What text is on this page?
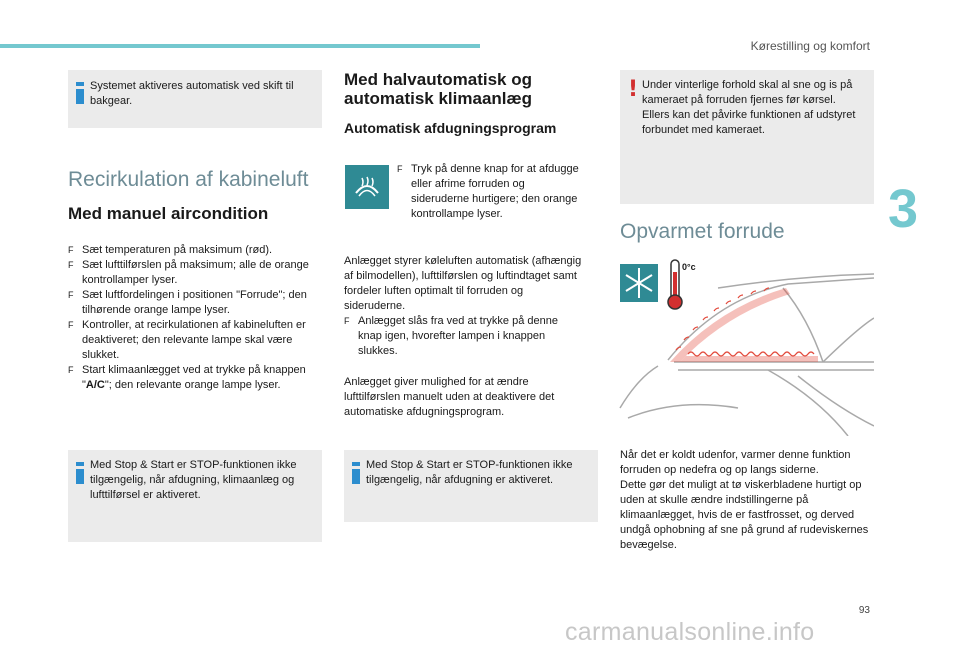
Kørestilling og komfort
3
Systemet aktiveres automatisk ved skift til bakgear.
Recirkulation af kabineluft
Med manuel aircondition
F Sæt temperaturen på maksimum (rød).
F Sæt lufttilførslen på maksimum; alle de orange kontrollamper lyser.
F Sæt luftfordelingen i positionen "Forrude"; den tilhørende orange lampe lyser.
F Kontroller, at recirkulationen af kabineluften er deaktiveret; den relevante lampe skal være slukket.
F Start klimaanlægget ved at trykke på knappen "A/C"; den relevante orange lampe lyser.
Med Stop & Start er STOP-funktionen ikke tilgængelig, når afdugning, klimaanlæg og lufttilførsel er aktiveret.
Med halvautomatisk og automatisk klimaanlæg
Automatisk afdugningsprogram
F Tryk på denne knap for at afdugge eller afrime forruden og sideruderne hurtigere; den orange kontrollampe lyser.
Anlægget styrer køleluften automatisk (afhængig af bilmodellen), lufttilførslen og luftindtaget samt fordeler luften optimalt til forruden og sideruderne.
F Anlægget slås fra ved at trykke på denne knap igen, hvorefter lampen i knappen slukkes.
Anlægget giver mulighed for at ændre lufttilførslen manuelt uden at deaktivere det automatiske afdugningsprogram.
Med Stop & Start er STOP-funktionen ikke tilgængelig, når afdugning er aktiveret.
! Under vinterlige forhold skal al sne og is på kameraet på forruden fjernes før kørsel.
Ellers kan det påvirke funktionen af udstyret forbundet med kameraet.
Opvarmet forrude
0°c
Når det er koldt udenfor, varmer denne funktion forruden op nedefra og op langs siderne.
Dette gør det muligt at tø viskerbladene hurtigt op uden at skulle ændre indstillingerne på klimaanlægget, hvis de er fastfrosset, og derved undgå ophobning af sne på grund af rudeviskernes bevægelse.
93
carmanualsonline.info
